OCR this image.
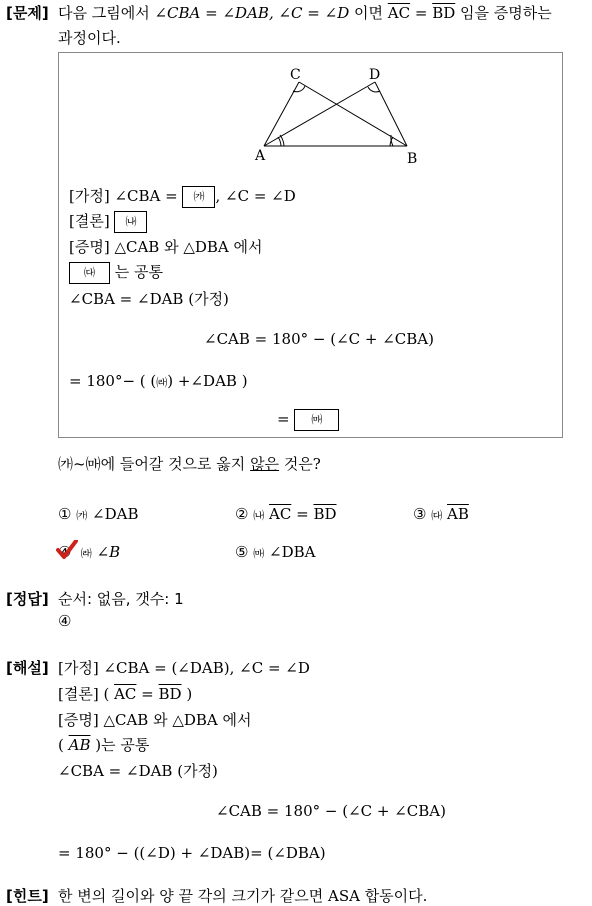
[문제] 다음 그림에서 ∠CBA = ∠DAB, ∠C = ∠D 이면 $\overline{AC} = \overline{BD}$ 임을 증명하는
과정이다.
C	D
A	B
[가정] ∠CBA = ㈎ , ∠C = ∠D
[결론] ㈏
[증명] △CAB 와 △DBA 에서
㈐ 는 공통
∠CBA = ∠DAB (가정)
∠CAB = 180° − (∠C + ∠CBA)
= 180°− ( (㈑) +∠DAB )
= ㈒
㈎~㈒에 들어갈 것으로 옳지 않은 것은?
① ㈎ ∠DAB	② ㈏ $\overline{AC} = \overline{BD}$	③ ㈐ $\overline{AB}$
④ ㈑ ∠B	⑤ ㈒ ∠DBA
[정답] 순서: 없음, 갯수: 1
④
[해설] [가정] ∠CBA = (∠DAB), ∠C = ∠D
[결론] ( $\overline{AC} = \overline{BD}$ )
[증명] △CAB 와 △DBA 에서
( $\overline{AB}$ )는 공통
∠CBA = ∠DAB (가정)
∠CAB = 180° − (∠C + ∠CBA)
= 180° − ((∠D) + ∠DAB)= (∠DBA)
[힌트] 한 변의 길이와 양 끝 각의 크기가 같으면 ASA 합동이다.
